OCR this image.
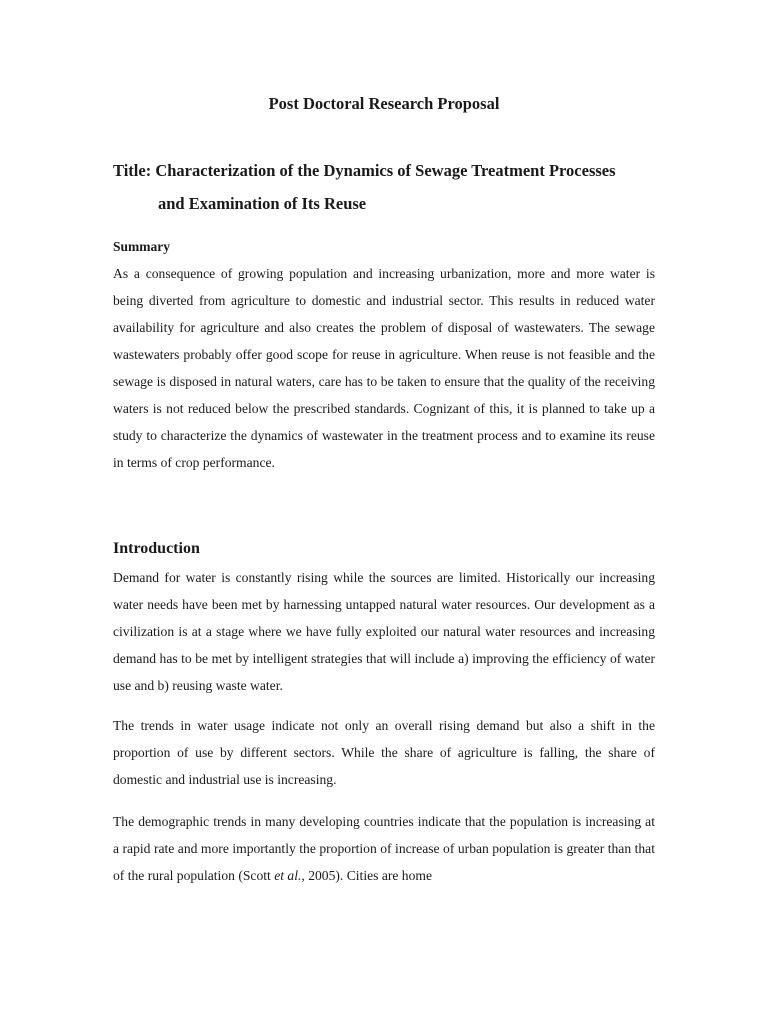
Post Doctoral Research Proposal
Title: Characterization of the Dynamics of Sewage Treatment Processes
and Examination of Its Reuse
Summary

As a consequence of growing population and increasing urbanization, more and more water is being diverted from agriculture to domestic and industrial sector. This results in reduced water availability for agriculture and also creates the problem of disposal of wastewaters. The sewage wastewaters probably offer good scope for reuse in agriculture. When reuse is not feasible and the sewage is disposed in natural waters, care has to be taken to ensure that the quality of the receiving waters is not reduced below the prescribed standards. Cognizant of this, it is planned to take up a study to characterize the dynamics of wastewater in the treatment process and to examine its reuse in terms of crop performance.

Introduction

Demand for water is constantly rising while the sources are limited. Historically our increasing water needs have been met by harnessing untapped natural water resources. Our development as a civilization is at a stage where we have fully exploited our natural water resources and increasing demand has to be met by intelligent strategies that will include a) improving the efficiency of water use and b) reusing waste water.

The trends in water usage indicate not only an overall rising demand but also a shift in the proportion of use by different sectors. While the share of agriculture is falling, the share of domestic and industrial use is increasing.

The demographic trends in many developing countries indicate that the population is increasing at a rapid rate and more importantly the proportion of increase of urban population is greater than that of the rural population (Scott et al., 2005). Cities are home
